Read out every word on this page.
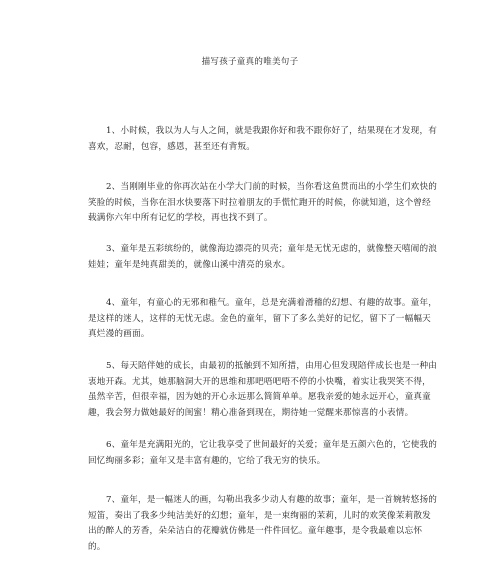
描写孩子童真的唯美句子

1、小时候，我以为人与人之间，就是我跟你好和我不跟你好了，结果现在才发现，有喜欢，忍耐，包容，感恩，甚至还有背叛。

2、当刚刚毕业的你再次站在小学大门前的时候，当你看这鱼贯而出的小学生们欢快的笑脸的时候，当你在泪水快要落下时拉着朋友的手慌忙跑开的时候，你就知道，这个曾经载满你六年中所有记忆的学校，再也找不到了。

3、童年是五彩缤纷的，就像海边漂亮的贝壳；童年是无忧无虑的，就像整天嘻闹的浪娃娃；童年是纯真甜美的，就像山溪中清亮的泉水。

4、童年，有童心的无邪和稚气。童年，总是充满着滑稽的幻想、有趣的故事。童年，是这样的迷人，这样的无忧无虑。金色的童年，留下了多么美好的记忆，留下了一幅幅天真烂漫的画面。

5、每天陪伴她的成长，由最初的抵触到不知所措，由用心但发现陪伴成长也是一种由衷地开森。尤其，她那脑洞大开的思维和那吧唔吧唔不停的小快嘴，着实让我哭笑不得，虽然辛苦，但很幸福，因为她的开心永远那么简简单单。愿我亲爱的她永远开心，童真童趣，我会努力做她最好的闺蜜！精心准备到现在，期待她一觉醒来那惊喜的小表情。

6、童年是充满阳光的，它让我享受了世间最好的关爱；童年是五颜六色的，它使我的回忆绚丽多彩；童年又是丰富有趣的，它给了我无穷的快乐。

7、童年，是一幅迷人的画，勾勒出我多少动人有趣的故事；童年，是一首婉转悠扬的短笛，奏出了我多少纯洁美好的幻想；童年，是一束绚丽的茉莉，儿时的欢笑像茉莉散发出的醉人的芳香，朵朵洁白的花瓣就仿佛是一件件回忆。童年趣事，是令我最难以忘怀的。
